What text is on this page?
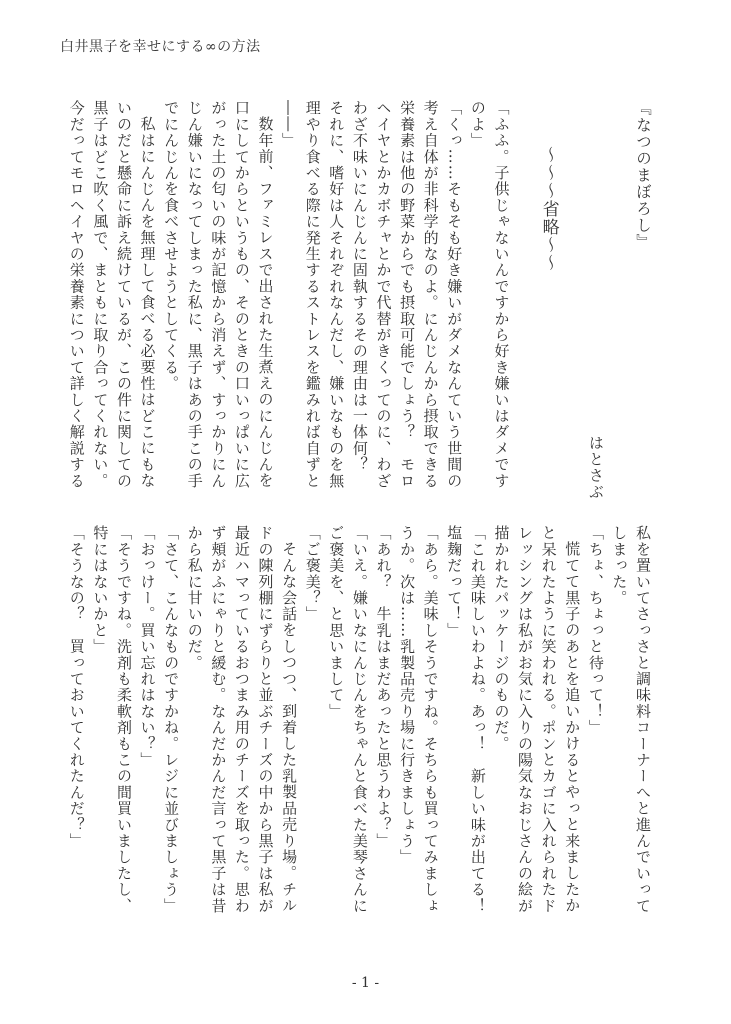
白井黒子を幸せにする∞の方法
『なつのまぼろし』
はとさぶ
～～～省略～～
「ふふ。子供じゃないんですから好き嫌いはダメです
のよ」
「くっ……そもそも好き嫌いがダメなんていう世間の
考え自体が非科学的なのよ。にんじんから摂取できる
栄養素は他の野菜からでも摂取可能でしょう？　モロ
ヘイヤとかカボチャとかで代替がきくってのに、わざ
わざ不味いにんじんに固執するその理由は一体何？
それに、嗜好は人それぞれなんだし、嫌いなものを無
理やり食べる際に発生するストレスを鑑みれば自ずと
――」
数年前、ファミレスで出された生煮えのにんじんを
口にしてからというもの、そのときの口いっぱいに広
がった土の匂いの味が記憶から消えず、すっかりにん
じん嫌いになってしまった私に、黒子はあの手この手
でにんじんを食べさせようとしてくる。
私はにんじんを無理して食べる必要性はどこにもな
いのだと懸命に訴え続けているが、この件に関しての
黒子はどこ吹く風で、まともに取り合ってくれない。
今だってモロヘイヤの栄養素について詳しく解説する
私を置いてさっさと調味料コーナーへと進んでいって
しまった。
「ちょ、ちょっと待って！」
慌てて黒子のあとを追いかけるとやっと来ましたか
と呆れたように笑われる。ポンとカゴに入れられたド
レッシングは私がお気に入りの陽気なおじさんの絵が
描かれたパッケージのものだ。
「これ美味しいわよね。あっ！　新しい味が出てる！
塩麹だって！」
「あら。美味しそうですね。そちらも買ってみましょ
うか。次は……乳製品売り場に行きましょう」
「あれ？　牛乳はまだあったと思うわよ？」
「いえ。嫌いなにんじんをちゃんと食べた美琴さんに
ご褒美を、と思いまして」
「ご褒美？」
そんな会話をしつつ、到着した乳製品売り場。チル
ドの陳列棚にずらりと並ぶチーズの中から黒子は私が
最近ハマっているおつまみ用のチーズを取った。思わ
ず頬がふにゃりと緩む。なんだかんだ言って黒子は昔
から私に甘いのだ。
「さて、こんなものですかね。レジに並びましょう」
「おっけー。買い忘れはない？」
「そうですね。洗剤も柔軟剤もこの間買いましたし、
特にはないかと」
「そうなの？　買っておいてくれたんだ？」
- 1 -
